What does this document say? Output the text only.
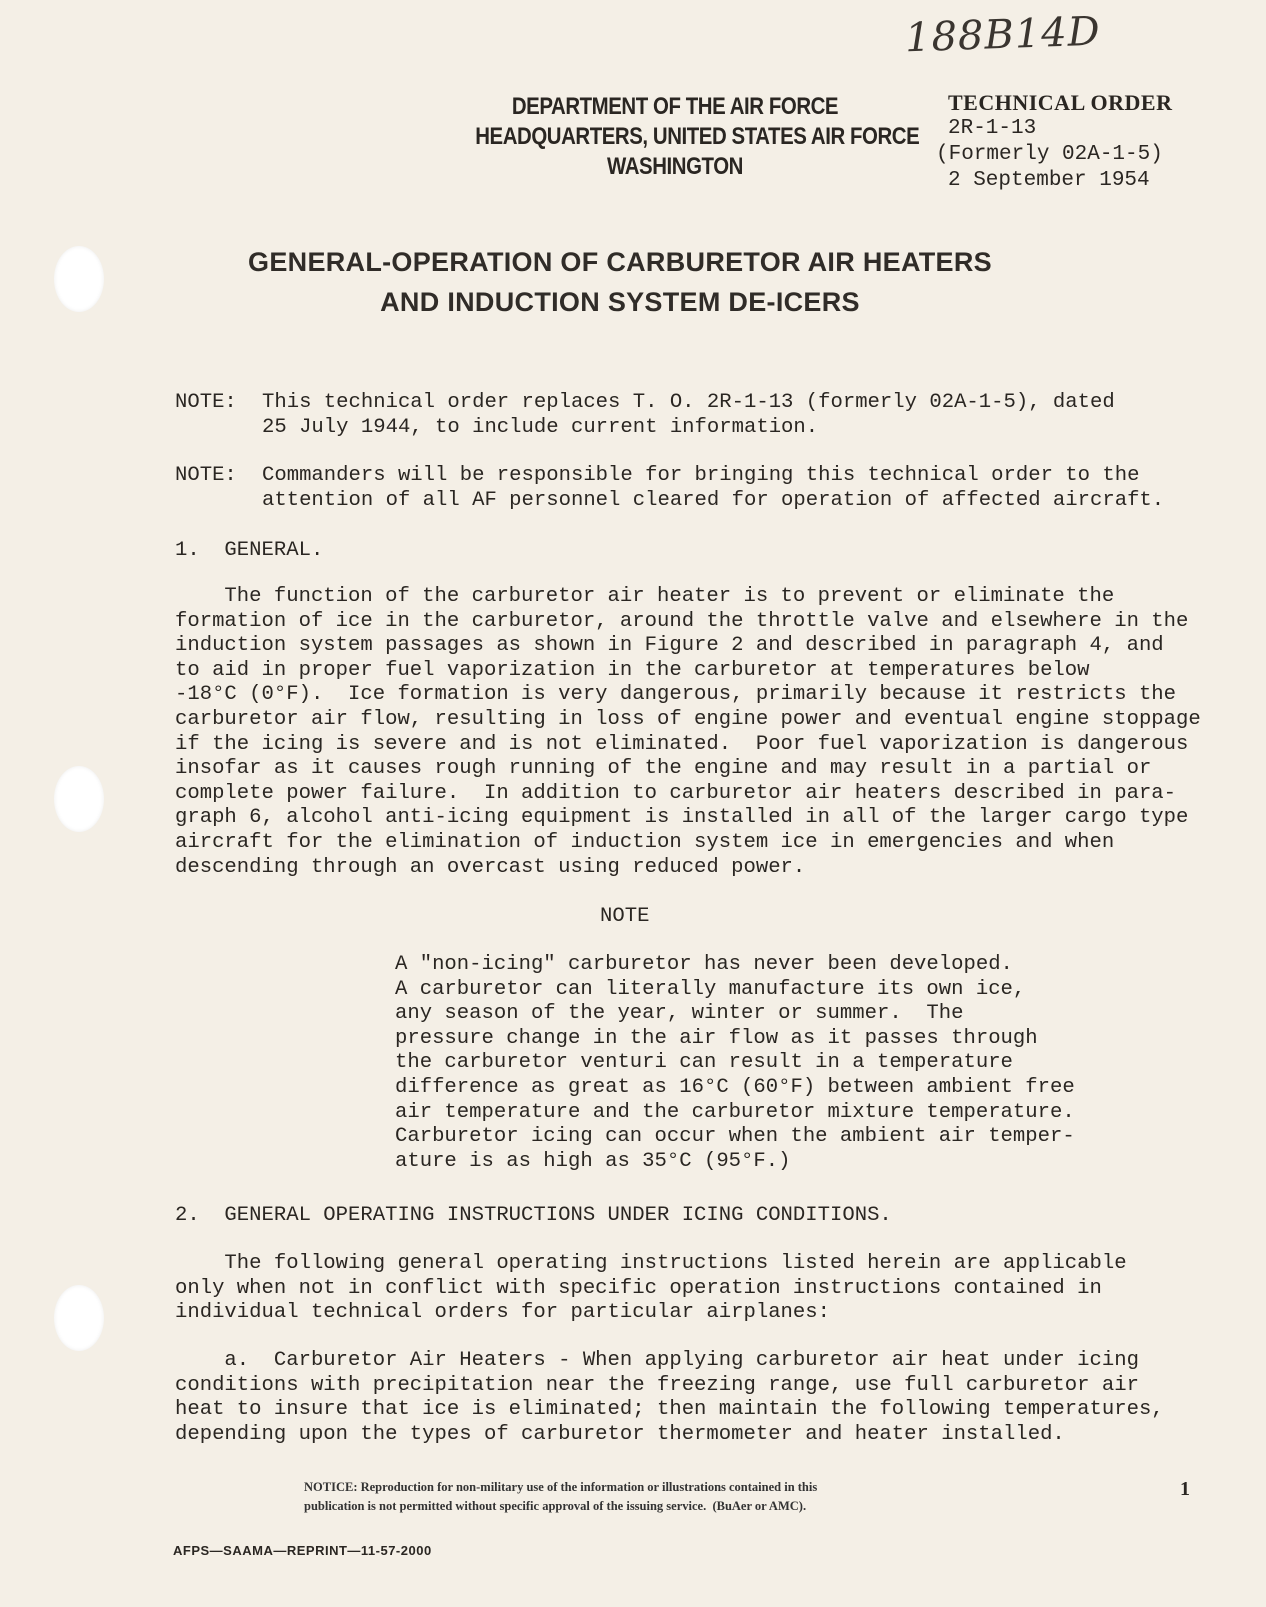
188B14D
DEPARTMENT OF THE AIR FORCE
HEADQUARTERS, UNITED STATES AIR FORCE
WASHINGTON
TECHNICAL ORDER
2R-1-13
(Formerly 02A-1-5)
2 September 1954
GENERAL-OPERATION OF CARBURETOR AIR HEATERS
AND INDUCTION SYSTEM DE-ICERS
NOTE: This technical order replaces T. O. 2R-1-13 (formerly 02A-1-5), dated
25 July 1944, to include current information.
NOTE: Commanders will be responsible for bringing this technical order to the
attention of all AF personnel cleared for operation of affected aircraft.
1.  GENERAL.
The function of the carburetor air heater is to prevent or eliminate the
formation of ice in the carburetor, around the throttle valve and elsewhere in the
induction system passages as shown in Figure 2 and described in paragraph 4, and
to aid in proper fuel vaporization in the carburetor at temperatures below
-18°C (0°F).  Ice formation is very dangerous, primarily because it restricts the
carburetor air flow, resulting in loss of engine power and eventual engine stoppage
if the icing is severe and is not eliminated.  Poor fuel vaporization is dangerous
insofar as it causes rough running of the engine and may result in a partial or
complete power failure.  In addition to carburetor air heaters described in para-
graph 6, alcohol anti-icing equipment is installed in all of the larger cargo type
aircraft for the elimination of induction system ice in emergencies and when
descending through an overcast using reduced power.
NOTE
A "non-icing" carburetor has never been developed.
A carburetor can literally manufacture its own ice,
any season of the year, winter or summer.  The
pressure change in the air flow as it passes through
the carburetor venturi can result in a temperature
difference as great as 16°C (60°F) between ambient free
air temperature and the carburetor mixture temperature.
Carburetor icing can occur when the ambient air temper-
ature is as high as 35°C (95°F.)
2.  GENERAL OPERATING INSTRUCTIONS UNDER ICING CONDITIONS.
The following general operating instructions listed herein are applicable
only when not in conflict with specific operation instructions contained in
individual technical orders for particular airplanes:
a.  Carburetor Air Heaters - When applying carburetor air heat under icing
conditions with precipitation near the freezing range, use full carburetor air
heat to insure that ice is eliminated; then maintain the following temperatures,
depending upon the types of carburetor thermometer and heater installed.
NOTICE: Reproduction for non-military use of the information or illustrations contained in this
publication is not permitted without specific approval of the issuing service.  (BuAer or AMC).
1
AFPS—SAAMA—REPRINT—11-57-2000
